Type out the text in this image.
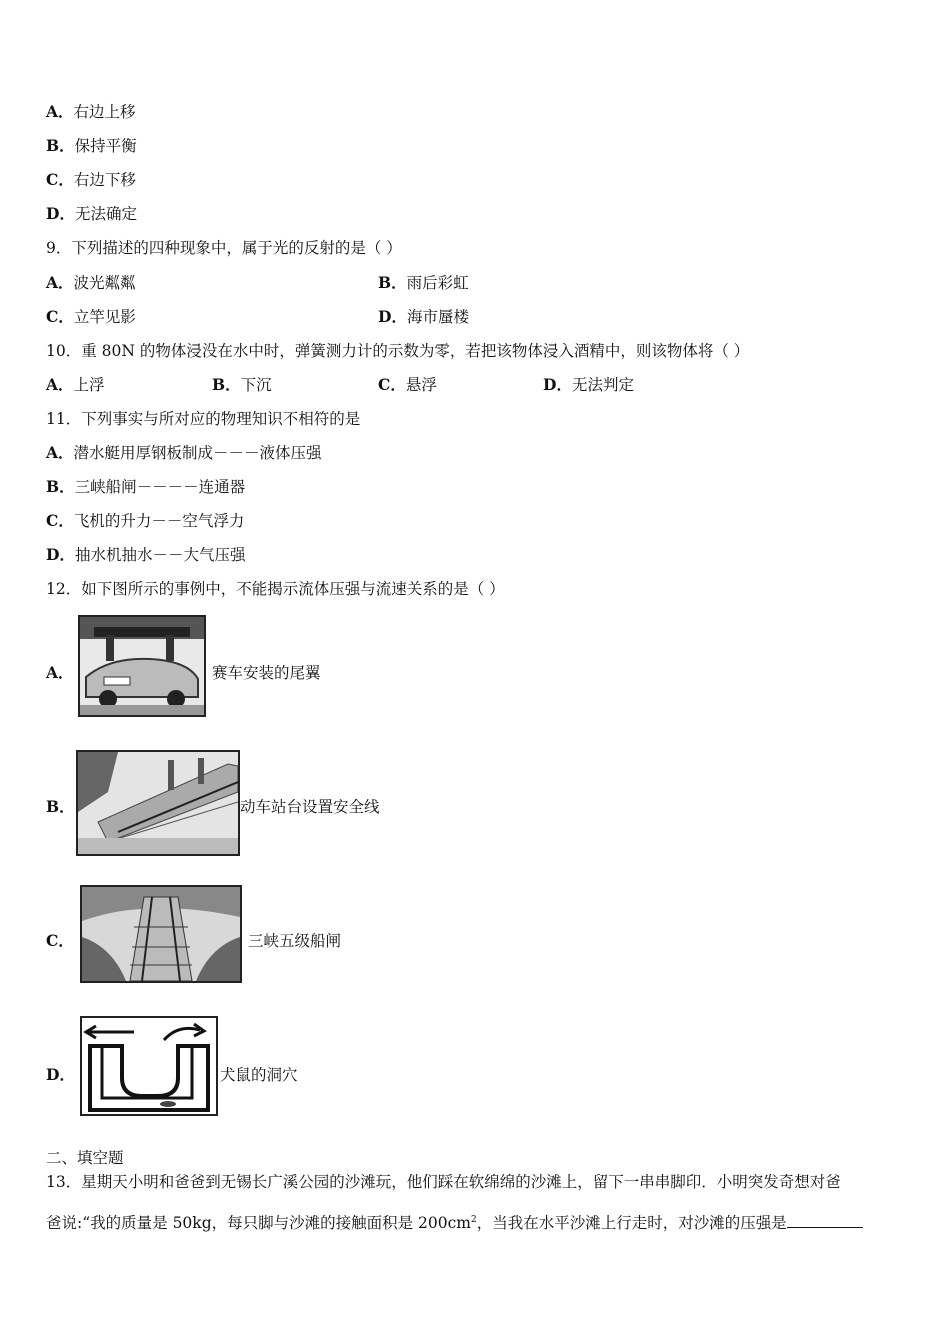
A．右边上移
B．保持平衡
C．右边下移
D．无法确定
9．下列描述的四种现象中，属于光的反射的是（ ）
A．波光粼粼	B．雨后彩虹
C．立竿见影	D．海市蜃楼
10．重 80N 的物体浸没在水中时，弹簧测力计的示数为零，若把该物体浸入酒精中，则该物体将（ ）
A．上浮	B．下沉	C．悬浮	D．无法判定
11．下列事实与所对应的物理知识不相符的是
A．潜水艇用厚钢板制成－－－液体压强
B．三峡船闸－－－－连通器
C．飞机的升力－－空气浮力
D．抽水机抽水－－大气压强
12．如下图所示的事例中，不能揭示流体压强与流速关系的是（ ）
A．	赛车安装的尾翼
B．	动车站台设置安全线
C．	三峡五级船闸
D．	犬鼠的洞穴
二、填空题
13．星期天小明和爸爸到无锡长广溪公园的沙滩玩，他们踩在软绵绵的沙滩上，留下一串串脚印．小明突发奇想对爸
爸说:“我的质量是 50kg，每只脚与沙滩的接触面积是 $200cm^2$，当我在水平沙滩上行走时，对沙滩的压强是
